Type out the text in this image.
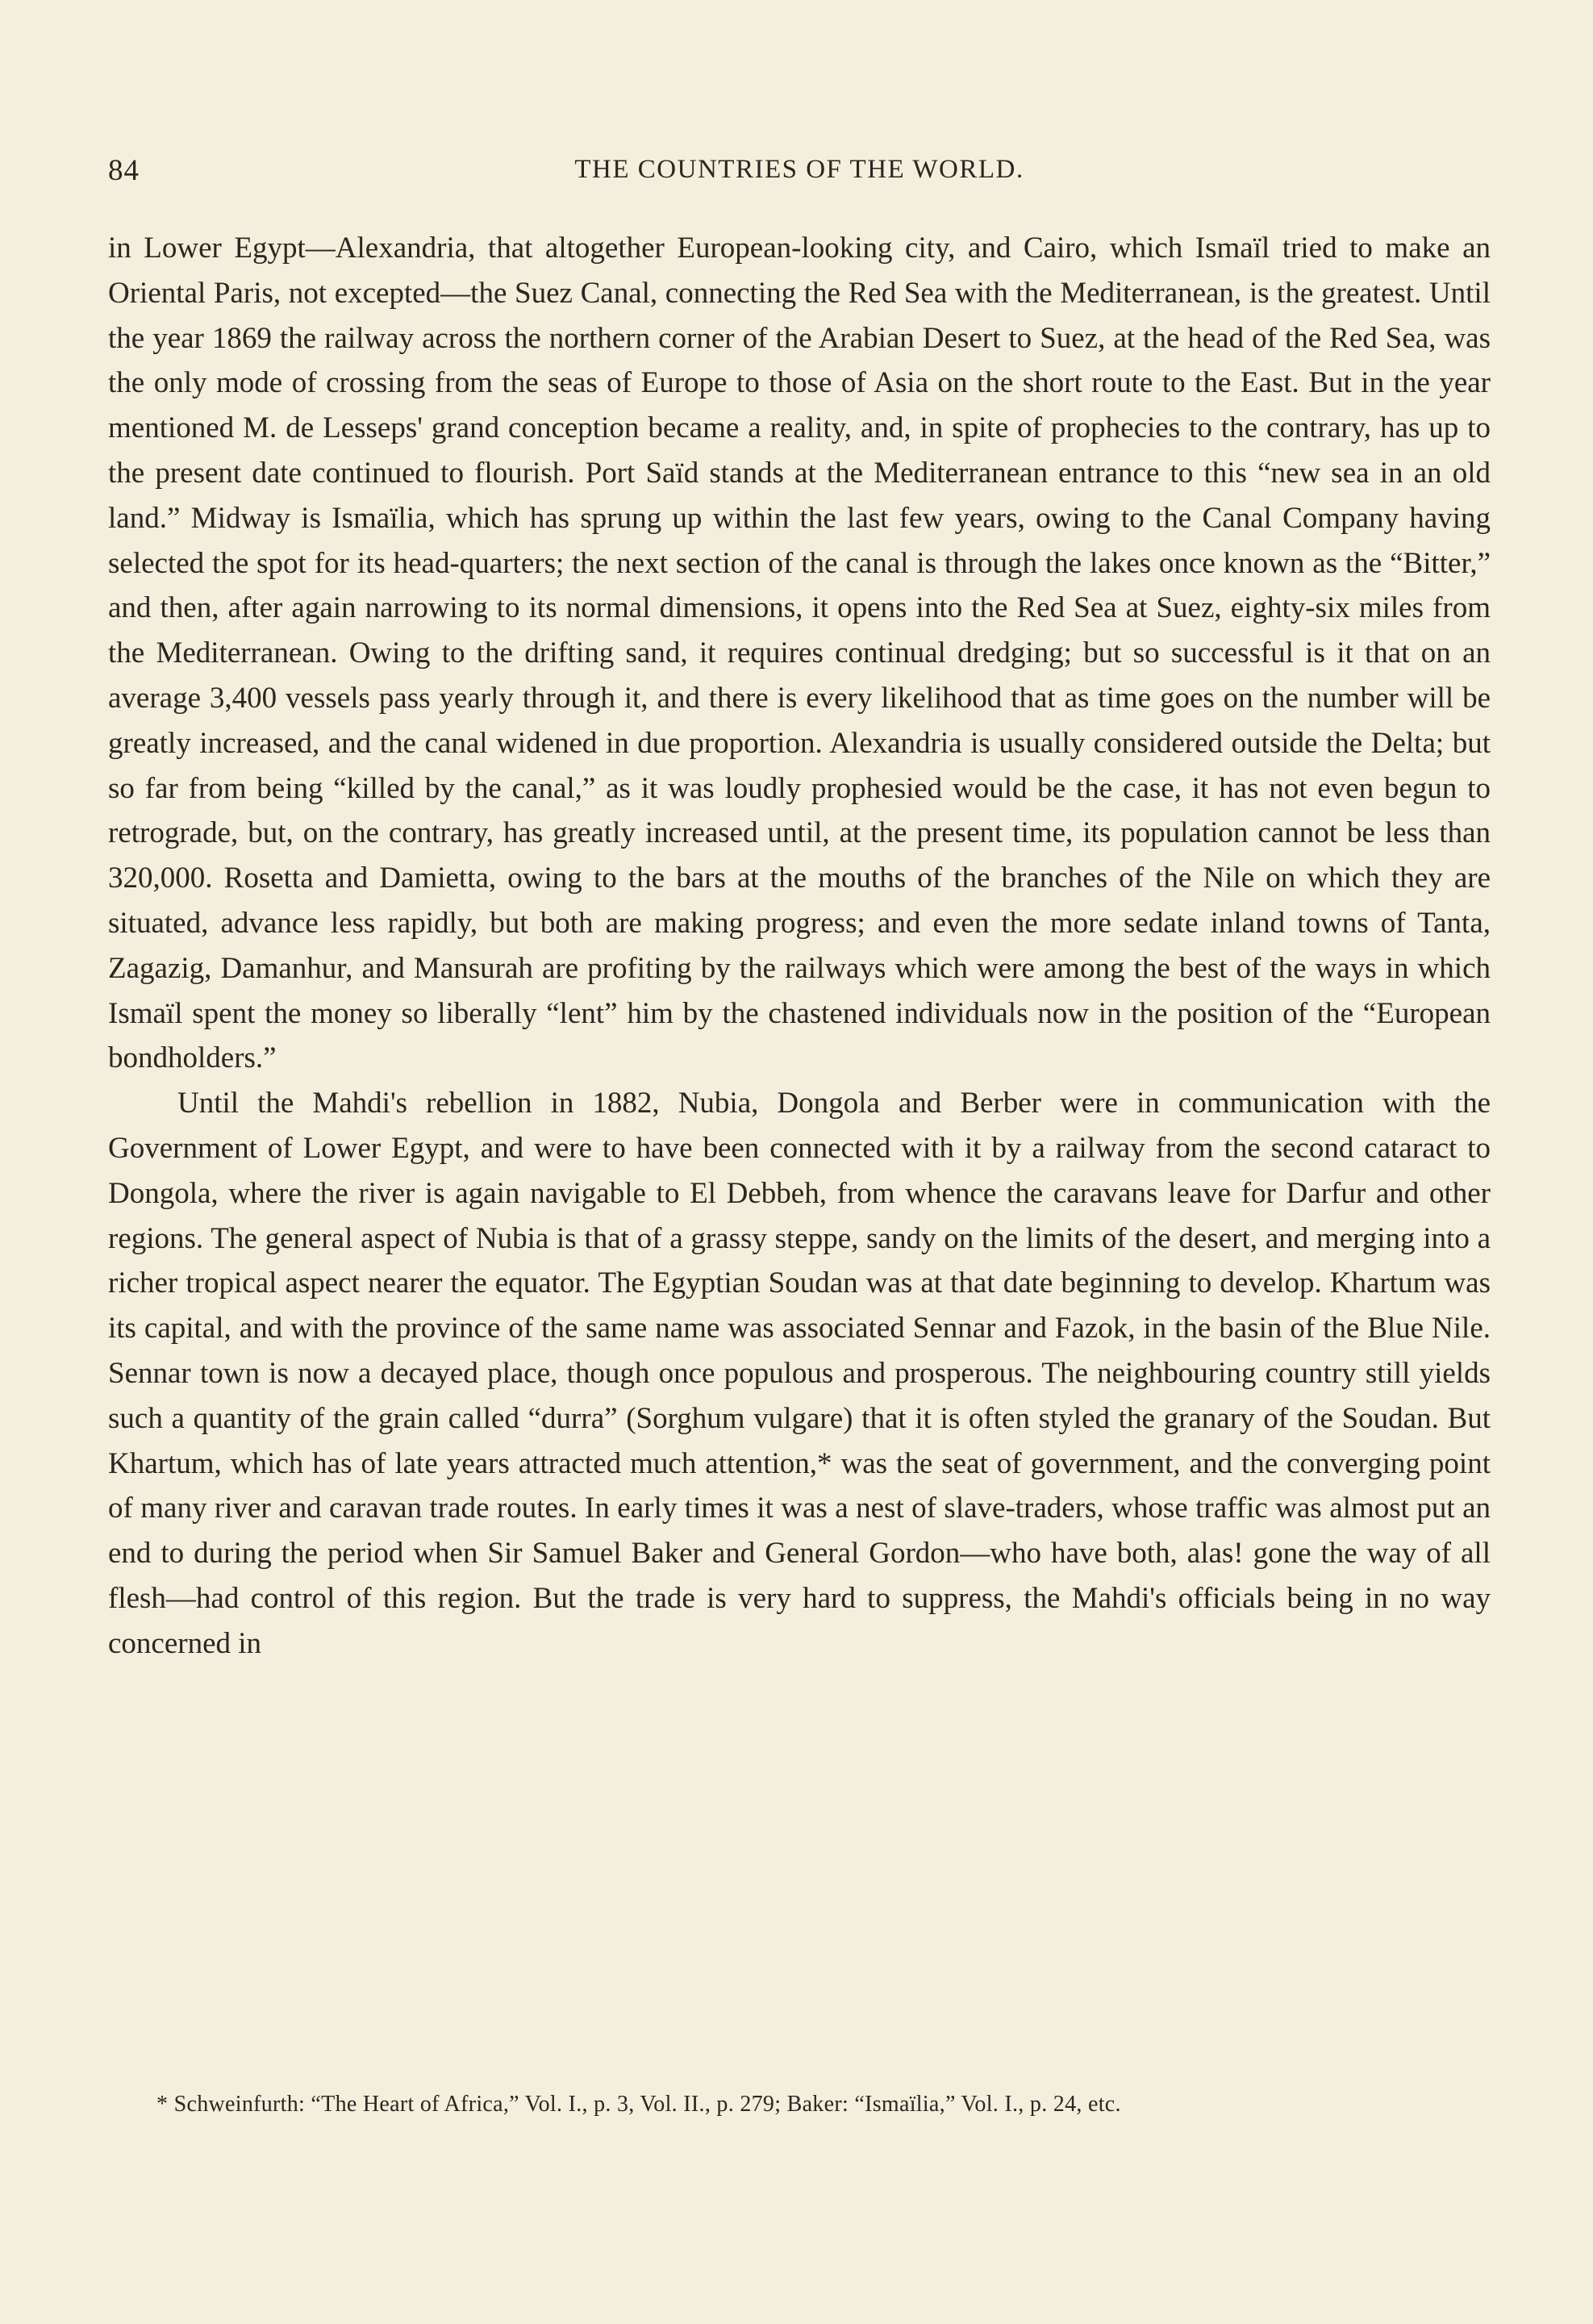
84	THE COUNTRIES OF THE WORLD.

in Lower Egypt—Alexandria, that altogether European-looking city, and Cairo, which Ismaïl tried to make an Oriental Paris, not excepted—the Suez Canal, connecting the Red Sea with the Mediterranean, is the greatest. Until the year 1869 the railway across the northern corner of the Arabian Desert to Suez, at the head of the Red Sea, was the only mode of crossing from the seas of Europe to those of Asia on the short route to the East. But in the year mentioned M. de Lesseps' grand conception became a reality, and, in spite of prophecies to the contrary, has up to the present date continued to flourish. Port Saïd stands at the Mediterranean entrance to this “new sea in an old land.” Midway is Ismaïlia, which has sprung up within the last few years, owing to the Canal Company having selected the spot for its head-quarters; the next section of the canal is through the lakes once known as the “Bitter,” and then, after again narrowing to its normal dimensions, it opens into the Red Sea at Suez, eighty-six miles from the Mediterranean. Owing to the drifting sand, it requires continual dredging; but so successful is it that on an average 3,400 vessels pass yearly through it, and there is every likelihood that as time goes on the number will be greatly increased, and the canal widened in due proportion. Alexandria is usually considered outside the Delta; but so far from being “killed by the canal,” as it was loudly prophesied would be the case, it has not even begun to retrograde, but, on the contrary, has greatly increased until, at the present time, its population cannot be less than 320,000. Rosetta and Damietta, owing to the bars at the mouths of the branches of the Nile on which they are situated, advance less rapidly, but both are making progress; and even the more sedate inland towns of Tanta, Zagazig, Damanhur, and Mansurah are profiting by the railways which were among the best of the ways in which Ismaïl spent the money so liberally “lent” him by the chastened individuals now in the position of the “European bondholders.”

Until the Mahdi's rebellion in 1882, Nubia, Dongola and Berber were in communication with the Government of Lower Egypt, and were to have been connected with it by a railway from the second cataract to Dongola, where the river is again navigable to El Debbeh, from whence the caravans leave for Darfur and other regions. The general aspect of Nubia is that of a grassy steppe, sandy on the limits of the desert, and merging into a richer tropical aspect nearer the equator. The Egyptian Soudan was at that date beginning to develop. Khartum was its capital, and with the province of the same name was associated Sennar and Fazok, in the basin of the Blue Nile. Sennar town is now a decayed place, though once populous and prosperous. The neighbouring country still yields such a quantity of the grain called “durra” (Sorghum vulgare) that it is often styled the granary of the Soudan. But Khartum, which has of late years attracted much attention,* was the seat of government, and the converging point of many river and caravan trade routes. In early times it was a nest of slave-traders, whose traffic was almost put an end to during the period when Sir Samuel Baker and General Gordon—who have both, alas! gone the way of all flesh—had control of this region. But the trade is very hard to suppress, the Mahdi's officials being in no way concerned in

* Schweinfurth: “The Heart of Africa,” Vol. I., p. 3, Vol. II., p. 279; Baker: “Ismaïlia,” Vol. I., p. 24, etc.
